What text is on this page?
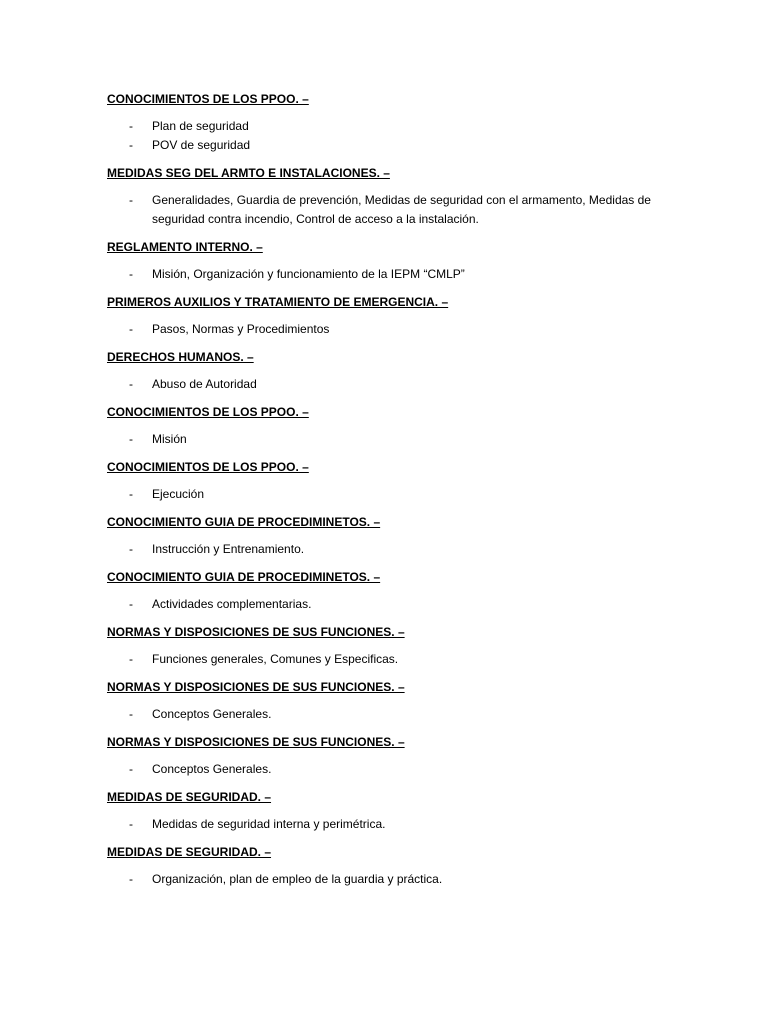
CONOCIMIENTOS DE LOS PPOO. –
- Plan de seguridad
- POV de seguridad
MEDIDAS SEG DEL ARMTO E INSTALACIONES. –
- Generalidades, Guardia de prevención, Medidas de seguridad con el armamento, Medidas de seguridad contra incendio, Control de acceso a la instalación.
REGLAMENTO INTERNO. –
- Misión, Organización y funcionamiento de la IEPM “CMLP”
PRIMEROS AUXILIOS Y TRATAMIENTO DE EMERGENCIA. –
- Pasos, Normas y Procedimientos
DERECHOS HUMANOS. –
- Abuso de Autoridad
CONOCIMIENTOS DE LOS PPOO. –
- Misión
CONOCIMIENTOS DE LOS PPOO. –
- Ejecución
CONOCIMIENTO GUIA DE PROCEDIMINETOS. –
- Instrucción y Entrenamiento.
CONOCIMIENTO GUIA DE PROCEDIMINETOS. –
- Actividades complementarias.
NORMAS Y DISPOSICIONES DE SUS FUNCIONES. –
- Funciones generales, Comunes y Especificas.
NORMAS Y DISPOSICIONES DE SUS FUNCIONES. –
- Conceptos Generales.
NORMAS Y DISPOSICIONES DE SUS FUNCIONES. –
- Conceptos Generales.
MEDIDAS DE SEGURIDAD. –
- Medidas de seguridad interna y perimétrica.
MEDIDAS DE SEGURIDAD. –
- Organización, plan de empleo de la guardia y práctica.
